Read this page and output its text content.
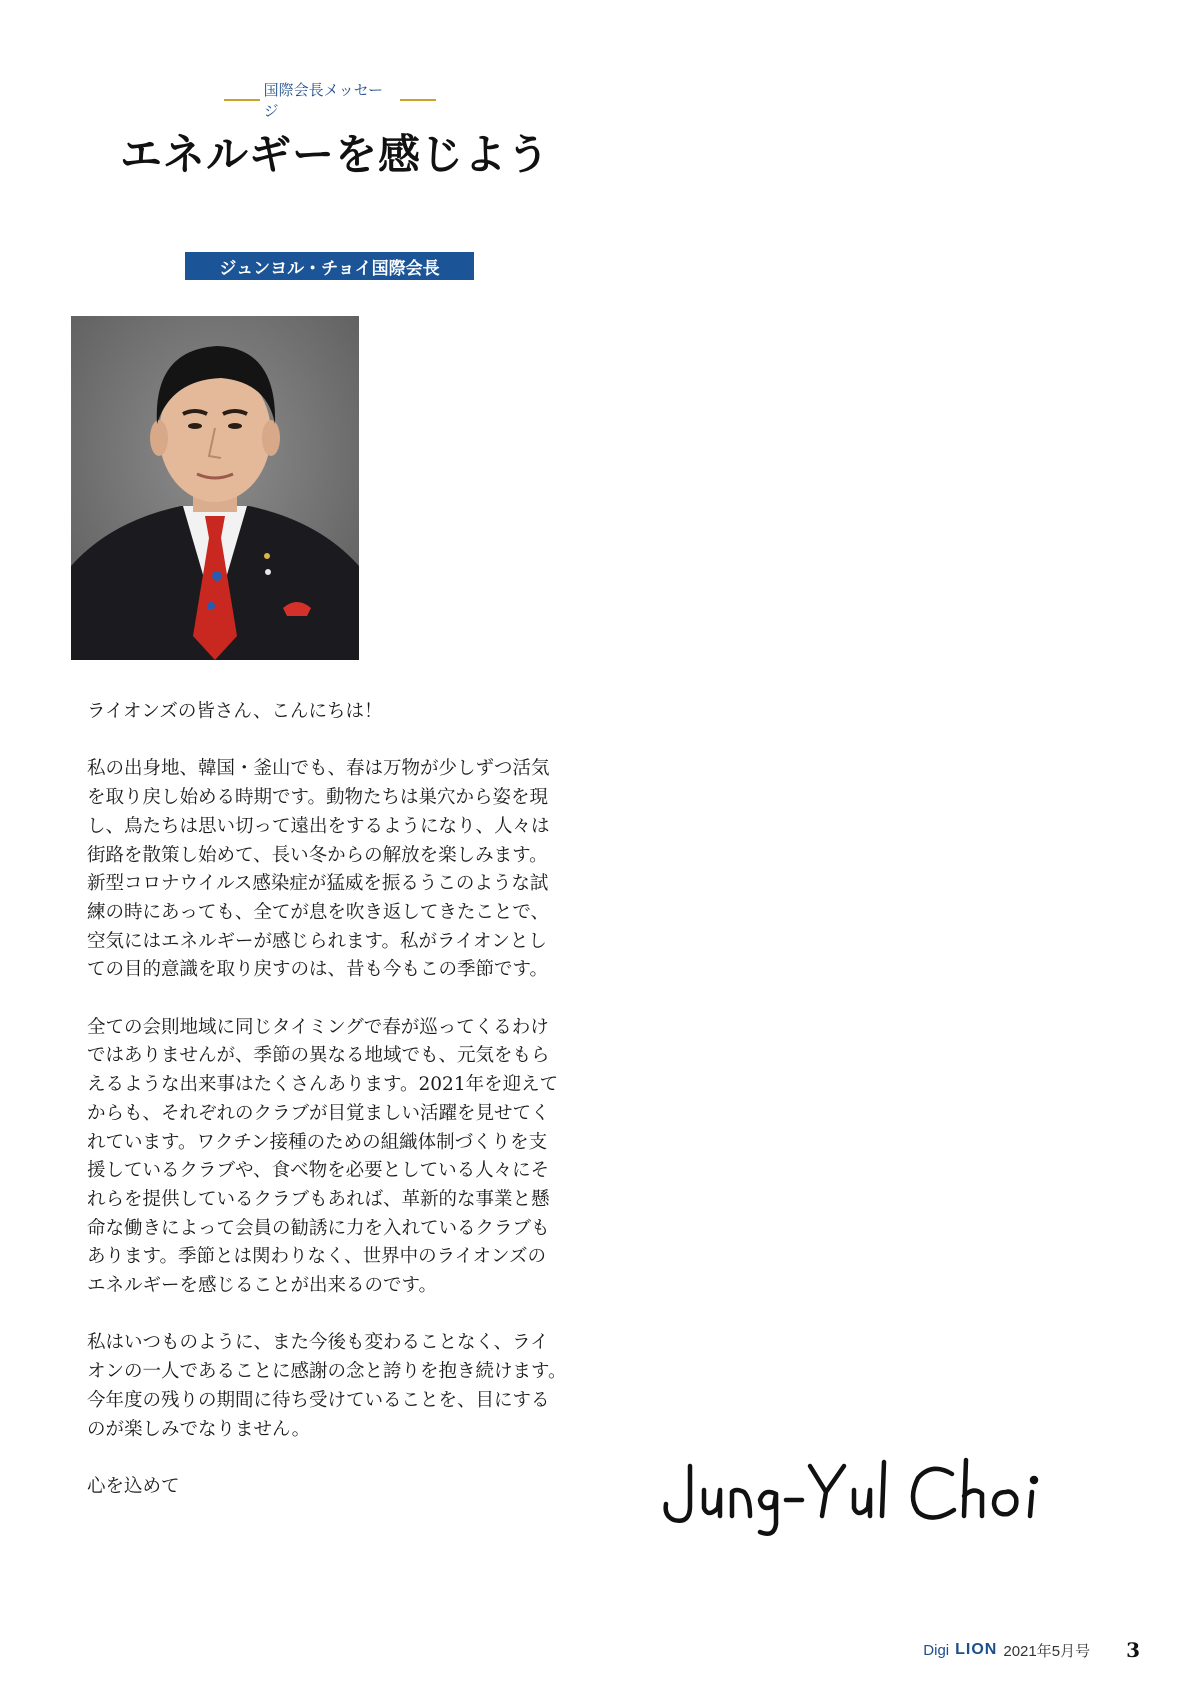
国際会長メッセージ
エネルギーを感じよう
ジュンヨル・チョイ国際会長

ライオンズの皆さん、こんにちは！

私の出身地、韓国・釜山でも、春は万物が少しずつ活気
を取り戻し始める時期です。動物たちは巣穴から姿を現
し、鳥たちは思い切って遠出をするようになり、人々は
街路を散策し始めて、長い冬からの解放を楽しみます。
新型コロナウイルス感染症が猛威を振るうこのような試
練の時にあっても、全てが息を吹き返してきたことで、
空気にはエネルギーが感じられます。私がライオンとし
ての目的意識を取り戻すのは、昔も今もこの季節です。

全ての会則地域に同じタイミングで春が巡ってくるわけ
ではありませんが、季節の異なる地域でも、元気をもら
えるような出来事はたくさんあります。2021年を迎えて
からも、それぞれのクラブが目覚ましい活躍を見せてく
れています。ワクチン接種のための組織体制づくりを支
援しているクラブや、食べ物を必要としている人々にそ
れらを提供しているクラブもあれば、革新的な事業と懸
命な働きによって会員の勧誘に力を入れているクラブも
あります。季節とは関わりなく、世界中のライオンズの
エネルギーを感じることが出来るのです。

私はいつものように、また今後も変わることなく、ライ
オンの一人であることに感謝の念と誇りを抱き続けます。
今年度の残りの期間に待ち受けていることを、目にする
のが楽しみでなりません。

心を込めて

Digi LION 2021年5月号 3
